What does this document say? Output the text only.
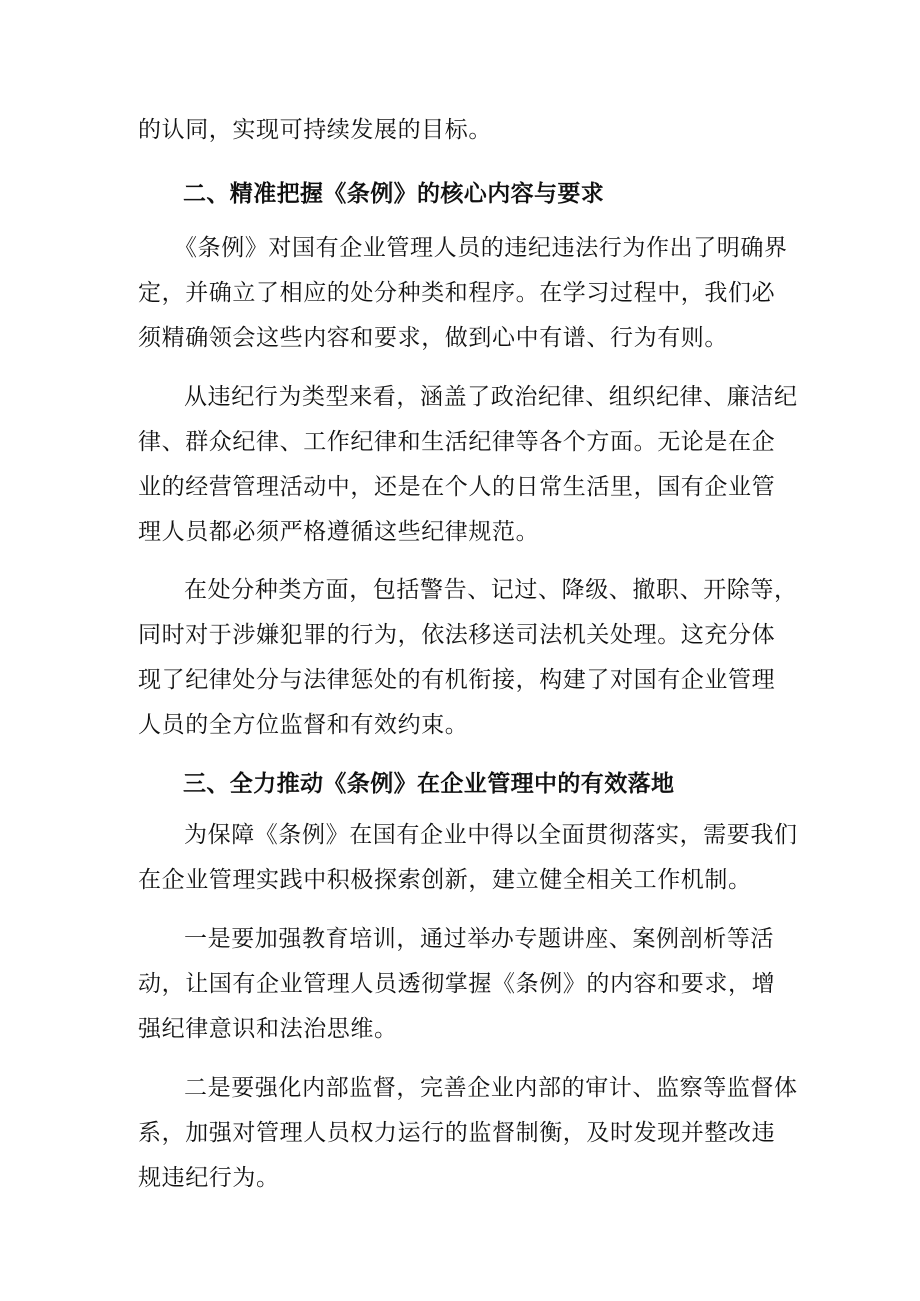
的认同，实现可持续发展的目标。

二、精准把握《条例》的核心内容与要求

《条例》对国有企业管理人员的违纪违法行为作出了明确界定，并确立了相应的处分种类和程序。在学习过程中，我们必须精确领会这些内容和要求，做到心中有谱、行为有则。

从违纪行为类型来看，涵盖了政治纪律、组织纪律、廉洁纪律、群众纪律、工作纪律和生活纪律等各个方面。无论是在企业的经营管理活动中，还是在个人的日常生活里，国有企业管理人员都必须严格遵循这些纪律规范。

在处分种类方面，包括警告、记过、降级、撤职、开除等，同时对于涉嫌犯罪的行为，依法移送司法机关处理。这充分体现了纪律处分与法律惩处的有机衔接，构建了对国有企业管理人员的全方位监督和有效约束。

三、全力推动《条例》在企业管理中的有效落地

为保障《条例》在国有企业中得以全面贯彻落实，需要我们在企业管理实践中积极探索创新，建立健全相关工作机制。

一是要加强教育培训，通过举办专题讲座、案例剖析等活动，让国有企业管理人员透彻掌握《条例》的内容和要求，增强纪律意识和法治思维。

二是要强化内部监督，完善企业内部的审计、监察等监督体系，加强对管理人员权力运行的监督制衡，及时发现并整改违规违纪行为。
